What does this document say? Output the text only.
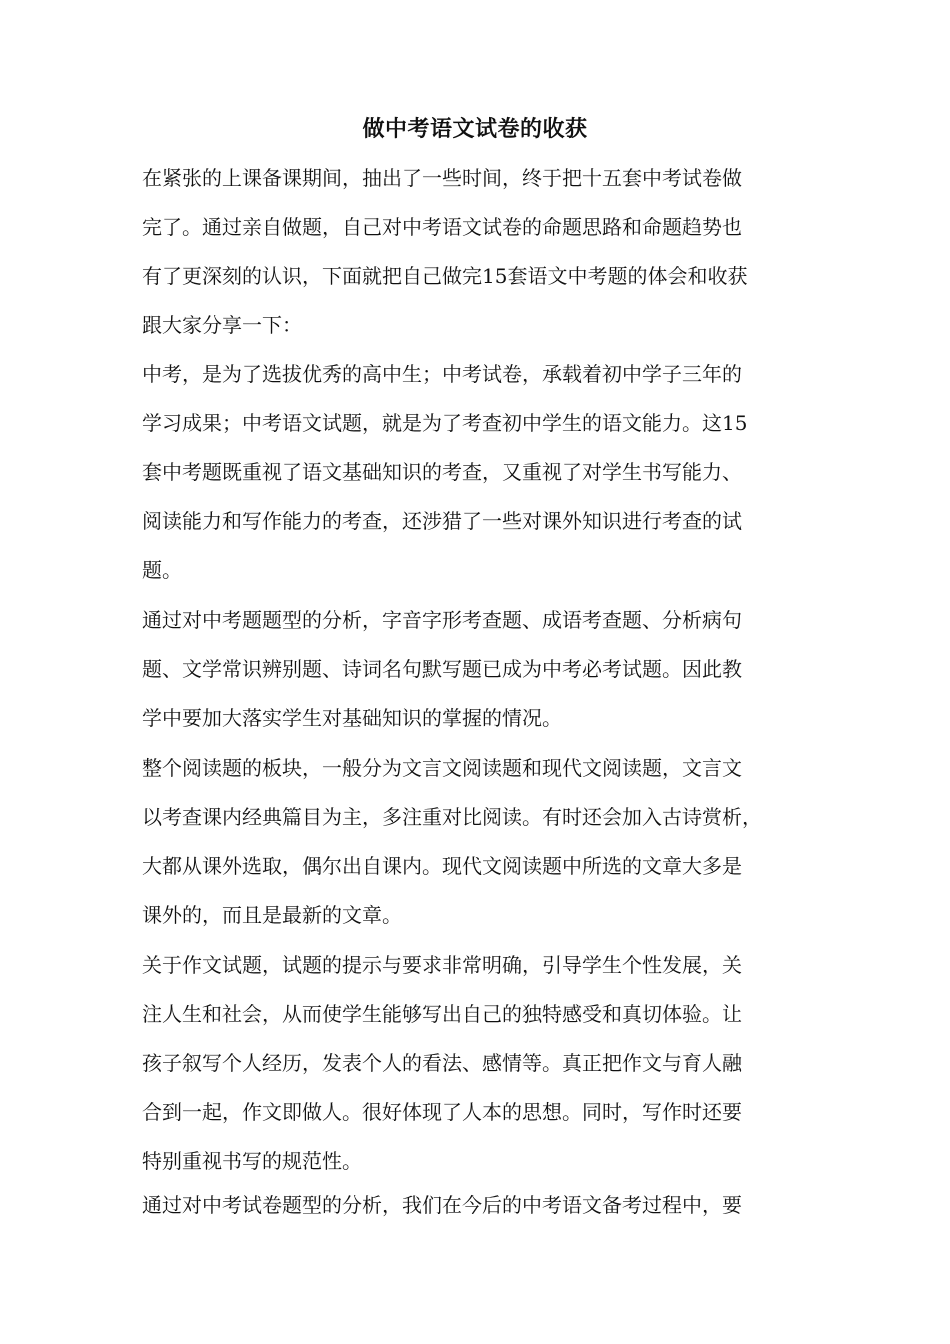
做中考语文试卷的收获
在紧张的上课备课期间，抽出了一些时间，终于把十五套中考试卷做
完了。通过亲自做题，自己对中考语文试卷的命题思路和命题趋势也
有了更深刻的认识，下面就把自己做完15套语文中考题的体会和收获
跟大家分享一下：
中考，是为了选拔优秀的高中生；中考试卷，承载着初中学子三年的
学习成果；中考语文试题，就是为了考查初中学生的语文能力。这15
套中考题既重视了语文基础知识的考查，又重视了对学生书写能力、
阅读能力和写作能力的考查，还涉猎了一些对课外知识进行考查的试
题。
通过对中考题题型的分析，字音字形考查题、成语考查题、分析病句
题、文学常识辨别题、诗词名句默写题已成为中考必考试题。因此教
学中要加大落实学生对基础知识的掌握的情况。
整个阅读题的板块，一般分为文言文阅读题和现代文阅读题，文言文
以考查课内经典篇目为主，多注重对比阅读。有时还会加入古诗赏析，
大都从课外选取，偶尔出自课内。现代文阅读题中所选的文章大多是
课外的，而且是最新的文章。
关于作文试题，试题的提示与要求非常明确，引导学生个性发展，关
注人生和社会，从而使学生能够写出自己的独特感受和真切体验。让
孩子叙写个人经历，发表个人的看法、感情等。真正把作文与育人融
合到一起，作文即做人。很好体现了人本的思想。同时，写作时还要
特别重视书写的规范性。
通过对中考试卷题型的分析，我们在今后的中考语文备考过程中，要
